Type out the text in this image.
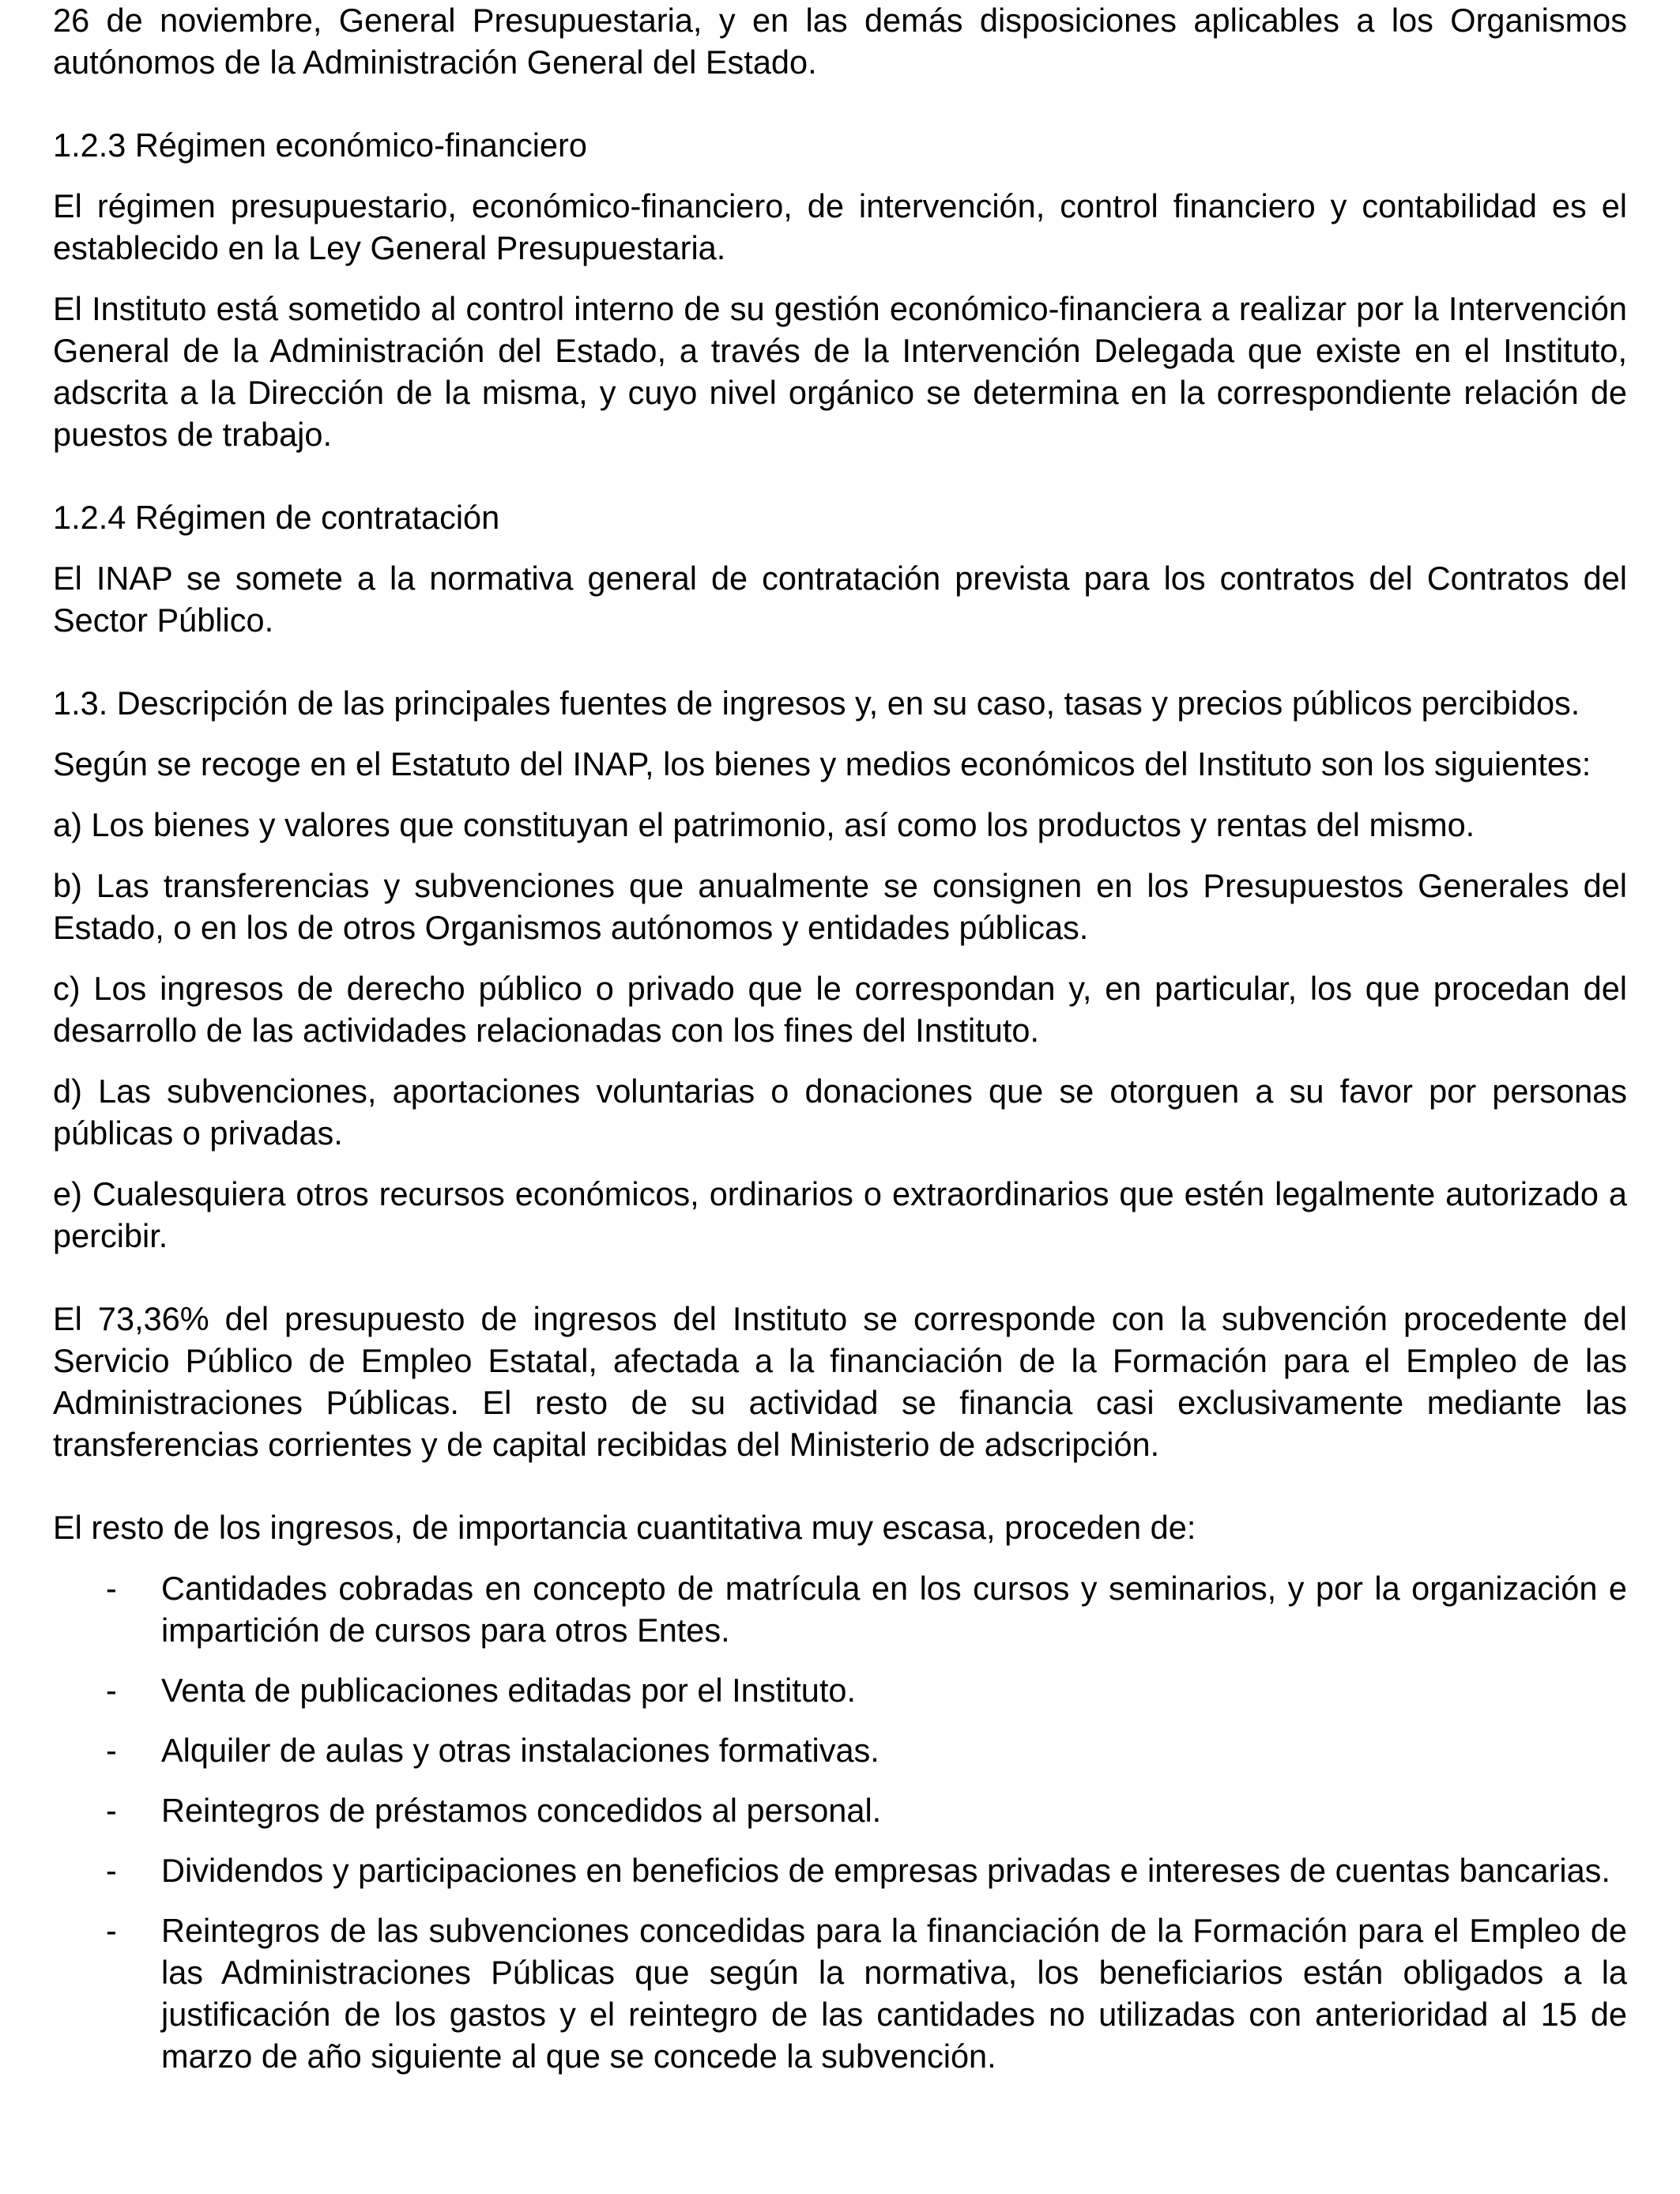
26 de noviembre, General Presupuestaria, y en las demás disposiciones aplicables a los Organismos autónomos de la Administración General del Estado.

1.2.3 Régimen económico-financiero

El régimen presupuestario, económico-financiero, de intervención, control financiero y contabilidad es el establecido en la Ley General Presupuestaria.

El Instituto está sometido al control interno de su gestión económico-financiera a realizar por la Intervención General de la Administración del Estado, a través de la Intervención Delegada que existe en el Instituto, adscrita a la Dirección de la misma, y cuyo nivel orgánico se determina en la correspondiente relación de puestos de trabajo.

1.2.4 Régimen de contratación

El INAP se somete a la normativa general de contratación prevista para los contratos del Contratos del Sector Público.

1.3. Descripción de las principales fuentes de ingresos y, en su caso, tasas y precios públicos percibidos.

Según se recoge en el Estatuto del INAP, los bienes y medios económicos del Instituto son los siguientes:

a) Los bienes y valores que constituyan el patrimonio, así como los productos y rentas del mismo.

b) Las transferencias y subvenciones que anualmente se consignen en los Presupuestos Generales del Estado, o en los de otros Organismos autónomos y entidades públicas.

c) Los ingresos de derecho público o privado que le correspondan y, en particular, los que procedan del desarrollo de las actividades relacionadas con los fines del Instituto.

d) Las subvenciones, aportaciones voluntarias o donaciones que se otorguen a su favor por personas públicas o privadas.

e) Cualesquiera otros recursos económicos, ordinarios o extraordinarios que estén legalmente autorizado a percibir.

El 73,36% del presupuesto de ingresos del Instituto se corresponde con la subvención procedente del Servicio Público de Empleo Estatal, afectada a la financiación de la Formación para el Empleo de las Administraciones Públicas. El resto de su actividad se financia casi exclusivamente mediante las transferencias corrientes y de capital recibidas del Ministerio de adscripción.

El resto de los ingresos, de importancia cuantitativa muy escasa, proceden de:

- Cantidades cobradas en concepto de matrícula en los cursos y seminarios, y por la organización e impartición de cursos para otros Entes.
- Venta de publicaciones editadas por el Instituto.
- Alquiler de aulas y otras instalaciones formativas.
- Reintegros de préstamos concedidos al personal.
- Dividendos y participaciones en beneficios de empresas privadas e intereses de cuentas bancarias.
- Reintegros de las subvenciones concedidas para la financiación de la Formación para el Empleo de las Administraciones Públicas que según la normativa, los beneficiarios están obligados a la justificación de los gastos y el reintegro de las cantidades no utilizadas con anterioridad al 15 de marzo de año siguiente al que se concede la subvención.
